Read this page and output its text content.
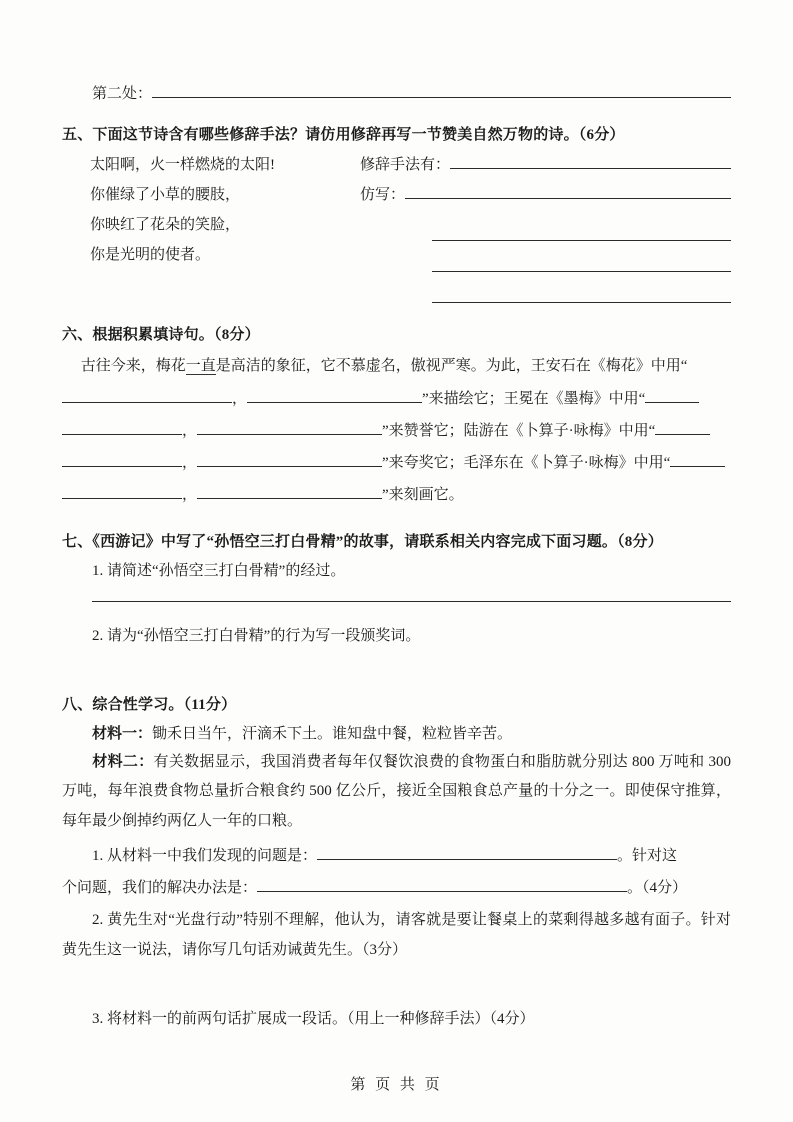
第二处：
五、下面这节诗含有哪些修辞手法？请仿用修辞再写一节赞美自然万物的诗。（6分）
太阳啊，火一样燃烧的太阳!
你催绿了小草的腰肢，
你映红了花朵的笑脸，
你是光明的使者。
修辞手法有：
仿写：
六、根据积累填诗句。（8分）
古往今来，梅花一直是高洁的象征，它不慕虚名，傲视严寒。为此，王安石在《梅花》中用“，	”来描绘它；王冕在《墨梅》中用“
，	”来赞誉它；陆游在《卜算子·咏梅》中用“
，	”来夸奖它；毛泽东在《卜算子·咏梅》中用“
，	”来刻画它。
七、《西游记》中写了“孙悟空三打白骨精”的故事，请联系相关内容完成下面习题。（8分）
1. 请简述“孙悟空三打白骨精”的经过。
2. 请为“孙悟空三打白骨精”的行为写一段颁奖词。
八、综合性学习。（11分）
材料一：锄禾日当午，汗滴禾下土。谁知盘中餐，粒粒皆辛苦。
材料二：有关数据显示，我国消费者每年仅餐饮浪费的食物蛋白和脂肪就分别达 800 万吨和 300 万吨，每年浪费食物总量折合粮食约 500 亿公斤，接近全国粮食总产量的十分之一。即使保守推算，每年最少倒掉约两亿人一年的口粮。
1. 从材料一中我们发现的问题是：	。针对这
个问题，我们的解决办法是：	。（4分）
2. 黄先生对“光盘行动”特别不理解，他认为，请客就是要让餐桌上的菜剩得越多越有面子。针对黄先生这一说法，请你写几句话劝诫黄先生。（3分）
3. 将材料一的前两句话扩展成一段话。（用上一种修辞手法）（4分）
第 页 共 页
